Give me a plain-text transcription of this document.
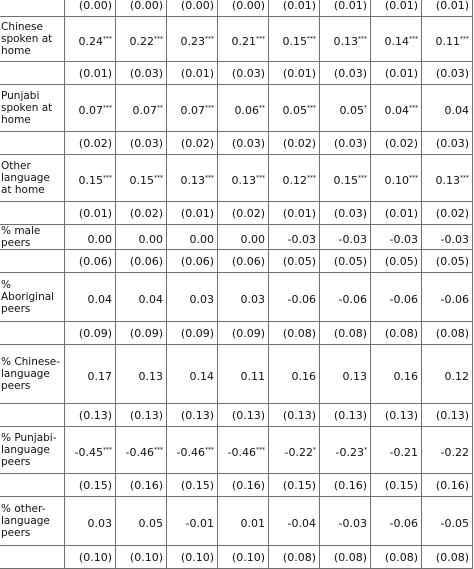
	(0.00)	(0.00)	(0.00)	(0.00)	(0.01)	(0.01)	(0.01)	(0.01)
Chinese spoken at home	0.24***	0.22***	0.23***	0.21***	0.15***	0.13***	0.14***	0.11***
	(0.01)	(0.03)	(0.01)	(0.03)	(0.01)	(0.03)	(0.01)	(0.03)
Punjabi spoken at home	0.07***	0.07**	0.07***	0.06**	0.05***	0.05*	0.04***	0.04
	(0.02)	(0.03)	(0.02)	(0.03)	(0.02)	(0.03)	(0.02)	(0.03)
Other language at home	0.15***	0.15***	0.13***	0.13***	0.12***	0.15***	0.10***	0.13***
	(0.01)	(0.02)	(0.01)	(0.02)	(0.01)	(0.03)	(0.01)	(0.02)
% male peers	0.00	0.00	0.00	0.00	-0.03	-0.03	-0.03	-0.03
	(0.06)	(0.06)	(0.06)	(0.06)	(0.05)	(0.05)	(0.05)	(0.05)
% Aboriginal peers	0.04	0.04	0.03	0.03	-0.06	-0.06	-0.06	-0.06
	(0.09)	(0.09)	(0.09)	(0.09)	(0.08)	(0.08)	(0.08)	(0.08)
% Chinese-language peers	0.17	0.13	0.14	0.11	0.16	0.13	0.16	0.12
	(0.13)	(0.13)	(0.13)	(0.13)	(0.13)	(0.13)	(0.13)	(0.13)
% Punjabi-language peers	-0.45***	-0.46***	-0.46***	-0.46***	-0.22*	-0.23*	-0.21	-0.22
	(0.15)	(0.16)	(0.15)	(0.16)	(0.15)	(0.16)	(0.15)	(0.16)
% other-language peers	0.03	0.05	-0.01	0.01	-0.04	-0.03	-0.06	-0.05
	(0.10)	(0.10)	(0.10)	(0.10)	(0.08)	(0.08)	(0.08)	(0.08)
